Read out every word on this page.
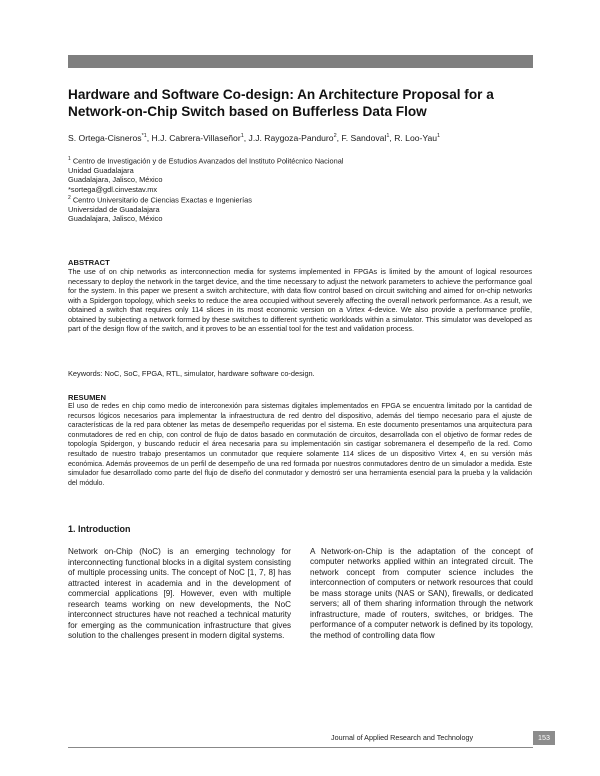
Hardware and Software Co-design: An Architecture Proposal for a Network-on-Chip Switch based on Bufferless Data Flow
S. Ortega-Cisneros$^{*1}$, H.J. Cabrera-Villaseñor$^1$, J.J. Raygoza-Panduro$^2$, F. Sandoval$^1$, R. Loo-Yau$^1$
$^1$ Centro de Investigación y de Estudios Avanzados del Instituto Politécnico Nacional
Unidad Guadalajara
Guadalajara, Jalisco, México
*sortega@gdl.cinvestav.mx
$^2$ Centro Universitario de Ciencias Exactas e Ingenierías
Universidad de Guadalajara
Guadalajara, Jalisco, México
ABSTRACT
The use of on chip networks as interconnection media for systems implemented in FPGAs is limited by the amount of logical resources necessary to deploy the network in the target device, and the time necessary to adjust the network parameters to achieve the performance goal for the system. In this paper we present a switch architecture, with data flow control based on circuit switching and aimed for on-chip networks with a Spidergon topology, which seeks to reduce the area occupied without severely affecting the overall network performance. As a result, we obtained a switch that requires only 114 slices in its most economic version on a Virtex 4-device. We also provide a performance profile, obtained by subjecting a network formed by these switches to different synthetic workloads within a simulator. This simulator was developed as part of the design flow of the switch, and it proves to be an essential tool for the test and validation process.
Keywords: NoC, SoC, FPGA, RTL, simulator, hardware software co-design.
RESUMEN
El uso de redes en chip como medio de interconexión para sistemas digitales implementados en FPGA se encuentra limitado por la cantidad de recursos lógicos necesarios para implementar la infraestructura de red dentro del dispositivo, además del tiempo necesario para el ajuste de características de la red para obtener las metas de desempeño requeridas por el sistema. En este documento presentamos una arquitectura para conmutadores de red en chip, con control de flujo de datos basado en conmutación de circuitos, desarrollada con el objetivo de formar redes de topología Spidergon, y buscando reducir el área necesaria para su implementación sin castigar sobremanera el desempeño de la red. Como resultado de nuestro trabajo presentamos un conmutador que requiere solamente 114 slices de un dispositivo Virtex 4, en su versión más económica. Además proveemos de un perfil de desempeño de una red formada por nuestros conmutadores dentro de un simulador a medida. Este simulador fue desarrollado como parte del flujo de diseño del conmutador y demostró ser una herramienta esencial para la prueba y la validación del módulo.
1. Introduction
Network on-Chip (NoC) is an emerging technology for interconnecting functional blocks in a digital system consisting of multiple processing units. The concept of NoC [1, 7, 8] has attracted interest in academia and in the development of commercial applications [9]. However, even with multiple research teams working on new developments, the NoC interconnect structures have not reached a technical maturity for emerging as the communication infrastructure that gives solution to the challenges present in modern digital systems.
A Network-on-Chip is the adaptation of the concept of computer networks applied within an integrated circuit. The network concept from computer science includes the interconnection of computers or network resources that could be mass storage units (NAS or SAN), firewalls, or dedicated servers; all of them sharing information through the network infrastructure, made of routers, switches, or bridges. The performance of a computer network is defined by its topology, the method of controlling data flow
Journal of Applied Research and Technology	153
